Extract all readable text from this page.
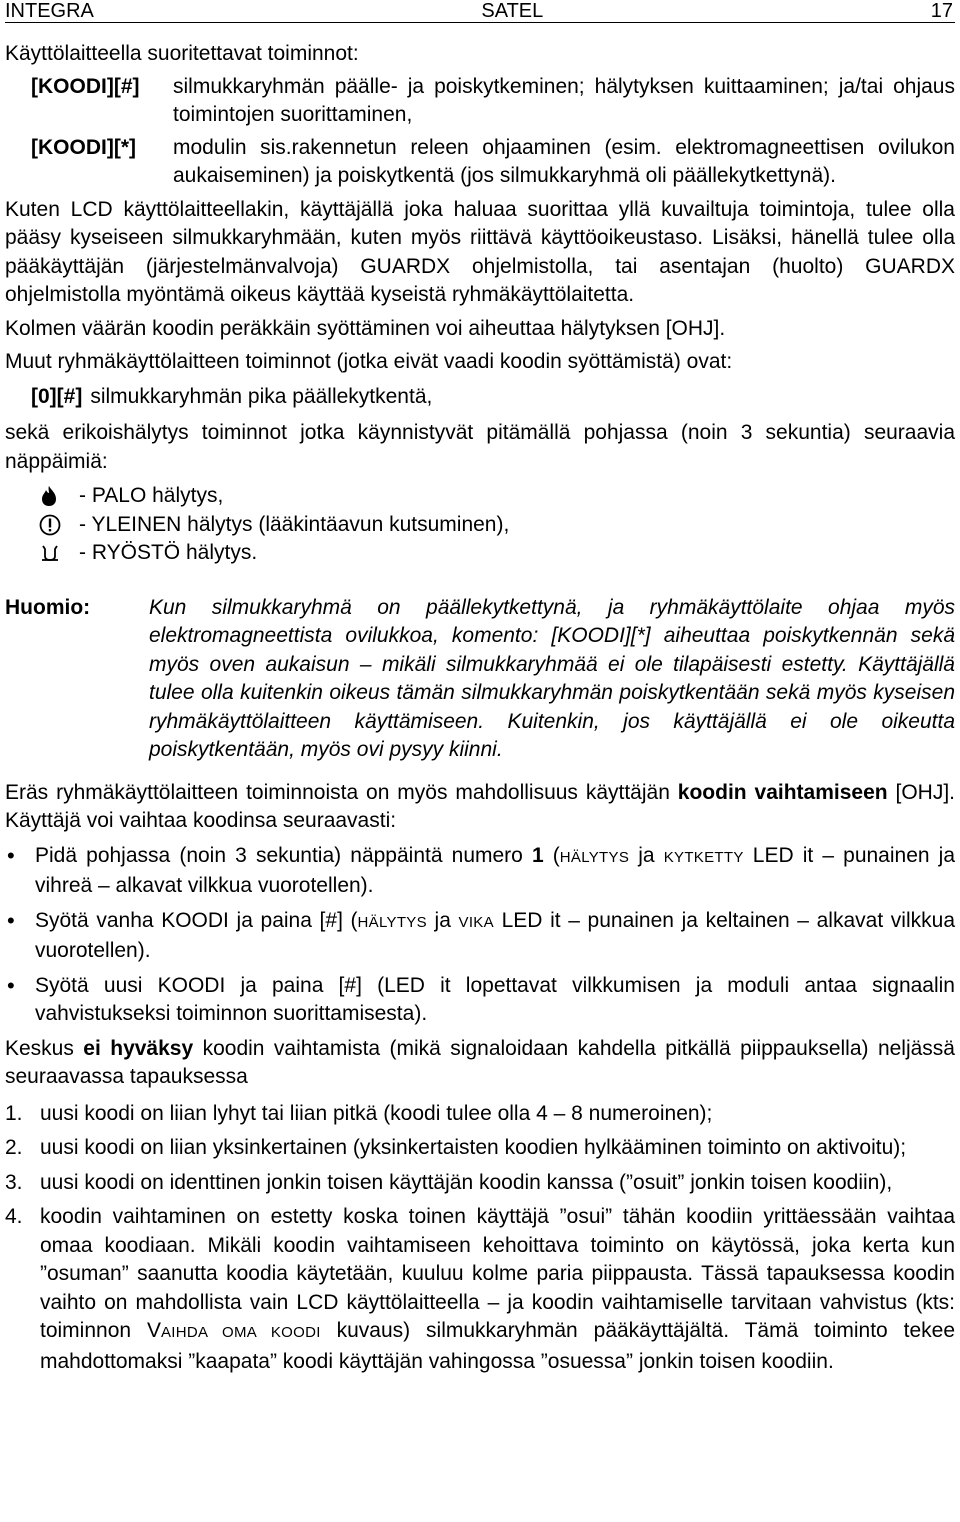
INTEGRA	SATEL	17

Käyttölaitteella suoritettavat toiminnot:

[KOODI][#]	silmukkaryhmän päälle- ja poiskytkeminen; hälytyksen kuittaaminen; ja/tai ohjaus toimintojen suorittaminen,
[KOODI][*]	modulin sis.rakennetun releen ohjaaminen (esim. elektromagneettisen ovilukon aukaiseminen) ja poiskytkentä (jos silmukkaryhmä oli päällekytkettynä).

Kuten LCD käyttölaitteellakin, käyttäjällä joka haluaa suorittaa yllä kuvailtuja toimintoja, tulee olla pääsy kyseiseen silmukkaryhmään, kuten myös riittävä käyttöoikeustaso. Lisäksi, hänellä tulee olla pääkäyttäjän (järjestelmänvalvoja) GUARDX ohjelmistolla, tai asentajan (huolto) GUARDX ohjelmistolla myöntämä oikeus käyttää kyseistä ryhmäkäyttölaitetta.

Kolmen väärän koodin peräkkäin syöttäminen voi aiheuttaa hälytyksen [OHJ].

Muut ryhmäkäyttölaitteen toiminnot (jotka eivät vaadi koodin syöttämistä) ovat:

[0][#] silmukkaryhmän pika päällekytkentä,

sekä erikoishälytys toiminnot jotka käynnistyvät pitämällä pohjassa (noin 3 sekuntia) seuraavia näppäimiä:

- PALO hälytys,
- YLEINEN hälytys (lääkintäavun kutsuminen),
- RYÖSTÖ hälytys.
Huomio:	Kun silmukkaryhmä on päällekytkettynä, ja ryhmäkäyttölaite ohjaa myös elektromagneettista ovilukkoa, komento: [KOODI][*] aiheuttaa poiskytkennän sekä myös oven aukaisun – mikäli silmukkaryhmää ei ole tilapäisesti estetty. Käyttäjällä tulee olla kuitenkin oikeus tämän silmukkaryhmän poiskytkentään sekä myös kyseisen ryhmäkäyttölaitteen käyttämiseen. Kuitenkin, jos käyttäjällä ei ole oikeutta poiskytkentään, myös ovi pysyy kiinni.

Eräs ryhmäkäyttölaitteen toiminnoista on myös mahdollisuus käyttäjän koodin vaihtamiseen [OHJ]. Käyttäjä voi vaihtaa koodinsa seuraavasti:

• Pidä pohjassa (noin 3 sekuntia) näppäintä numero 1 (HÄLYTYS ja KYTKETTY LED it – punainen ja vihreä – alkavat vilkkua vuorotellen).
• Syötä vanha KOODI ja paina [#] (HÄLYTYS ja VIKA LED it – punainen ja keltainen – alkavat vilkkua vuorotellen).
• Syötä uusi KOODI ja paina [#] (LED it lopettavat vilkkumisen ja moduli antaa signaalin vahvistukseksi toiminnon suorittamisesta).

Keskus ei hyväksy koodin vaihtamista (mikä signaloidaan kahdella pitkällä piippauksella) neljässä seuraavassa tapauksessa

1. uusi koodi on liian lyhyt tai liian pitkä (koodi tulee olla 4 – 8 numeroinen);
2. uusi koodi on liian yksinkertainen (yksinkertaisten koodien hylkääminen toiminto on aktivoitu);
3. uusi koodi on identtinen jonkin toisen käyttäjän koodin kanssa (”osuit” jonkin toisen koodiin),
4. koodin vaihtaminen on estetty koska toinen käyttäjä ”osui” tähän koodiin yrittäessään vaihtaa omaa koodiaan. Mikäli koodin vaihtamiseen kehoittava toiminto on käytössä, joka kerta kun ”osuman” saanutta koodia käytetään, kuuluu kolme paria piippausta. Tässä tapauksessa koodin vaihto on mahdollista vain LCD käyttölaitteella – ja koodin vaihtamiselle tarvitaan vahvistus (kts: toiminnon VAIHDA OMA KOODI kuvaus) silmukkaryhmän pääkäyttäjältä. Tämä toiminto tekee mahdottomaksi ”kaapata” koodi käyttäjän vahingossa ”osuessa” jonkin toisen koodiin.
